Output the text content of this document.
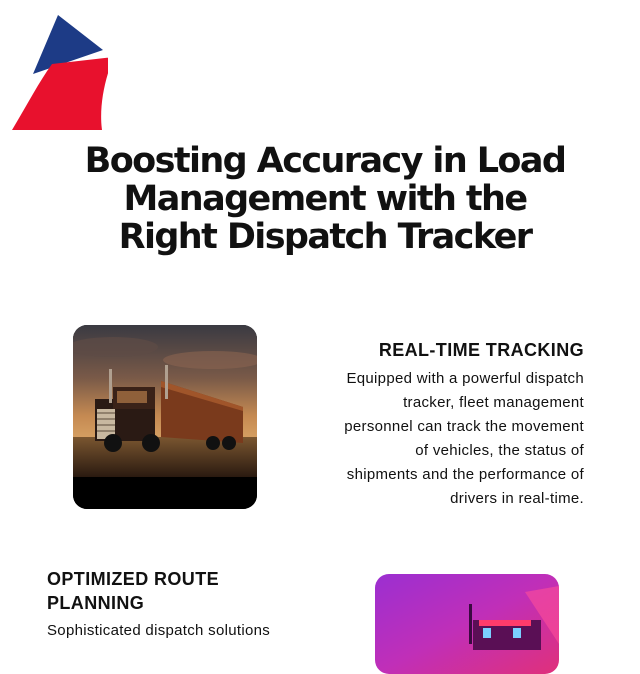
Boosting Accuracy in Load
Management with the
Right Dispatch Tracker
REAL-TIME TRACKING

Equipped with a powerful dispatch
tracker, fleet management
personnel can track the movement
of vehicles, the status of
shipments and the performance of
drivers in real-time.

OPTIMIZED ROUTE
PLANNING

Sophisticated dispatch solutions
